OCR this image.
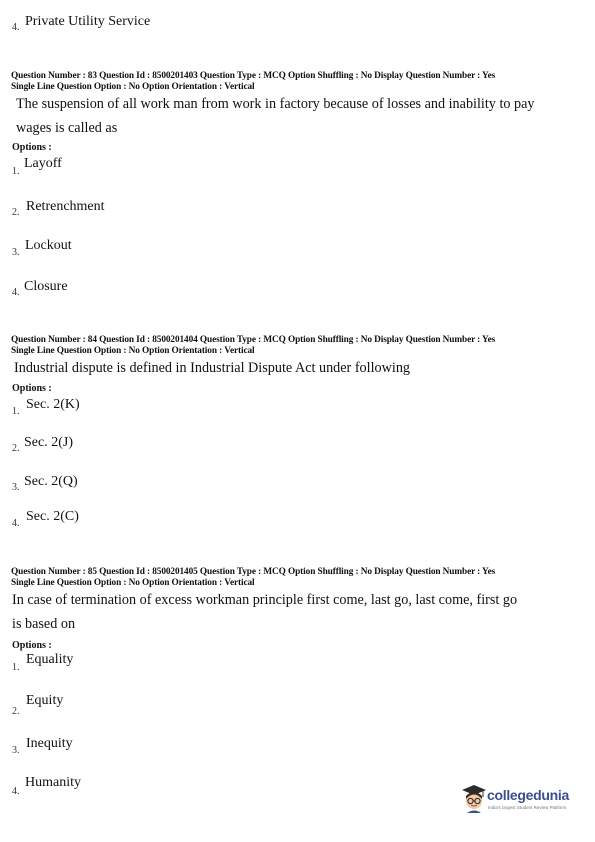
4. Private Utility Service
Question Number : 83 Question Id : 8500201403 Question Type : MCQ Option Shuffling : No Display Question Number : Yes
Single Line Question Option : No Option Orientation : Vertical
The suspension of all work man from work in factory because of losses and inability to pay
wages is called as
Options :
1.
Layoff
2. Retrenchment
3. Lockout
4. Closure
Question Number : 84 Question Id : 8500201404 Question Type : MCQ Option Shuffling : No Display Question Number : Yes
Single Line Question Option : No Option Orientation : Vertical
Industrial dispute is defined in Industrial Dispute Act under following
Options :
1. Sec. 2(K)
2. Sec. 2(J)
3. Sec. 2(Q)
4. Sec. 2(C)
Question Number : 85 Question Id : 8500201405 Question Type : MCQ Option Shuffling : No Display Question Number : Yes
Single Line Question Option : No Option Orientation : Vertical
In case of termination of excess workman principle first come, last go, last come, first go
is based on
Options :
1.
Equality
2.
Equity
3. Inequity
4.
Humanity
collegedunia
India's largest Student Review Platform
